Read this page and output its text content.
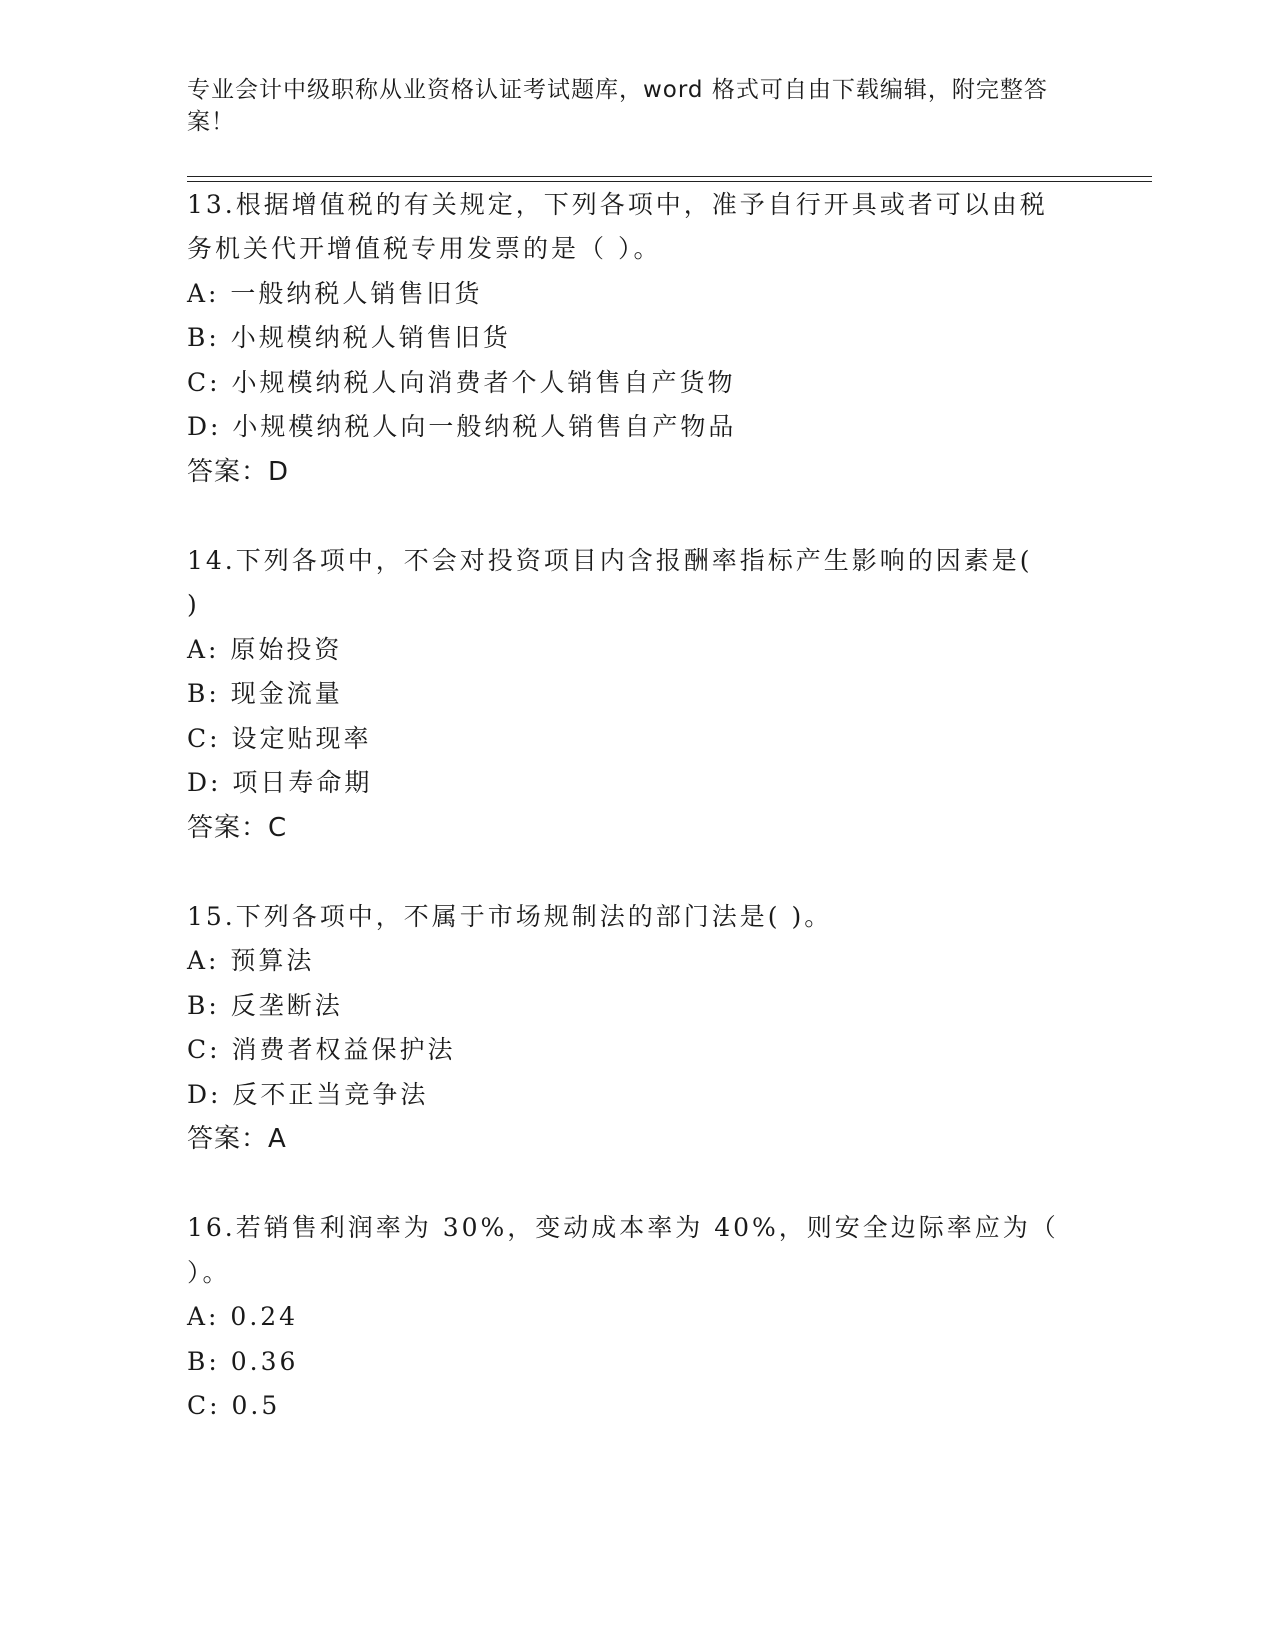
专业会计中级职称从业资格认证考试题库，word 格式可自由下载编辑，附完整答案！
13.根据增值税的有关规定，下列各项中，准予自行开具或者可以由税
务机关代开增值税专用发票的是（ ）。
A: 一般纳税人销售旧货
B: 小规模纳税人销售旧货
C: 小规模纳税人向消费者个人销售自产货物
D: 小规模纳税人向一般纳税人销售自产物品
答案：D
14.下列各项中，不会对投资项目内含报酬率指标产生影响的因素是(
)
A: 原始投资
B: 现金流量
C: 设定贴现率
D: 项日寿命期
答案：C
15.下列各项中，不属于市场规制法的部门法是( )。
A: 预算法
B: 反垄断法
C: 消费者权益保护法
D: 反不正当竞争法
答案：A
16.若销售利润率为 30%，变动成本率为 40%，则安全边际率应为（
）。
A: 0.24
B: 0.36
C: 0.5
